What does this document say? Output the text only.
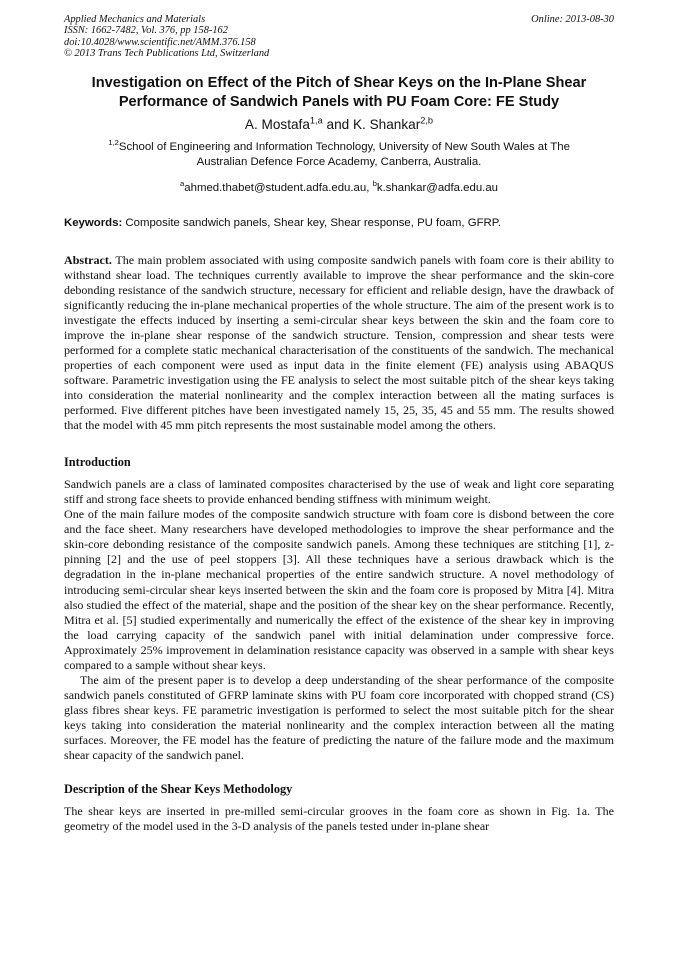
Applied Mechanics and Materials
ISSN: 1662-7482, Vol. 376, pp 158-162
doi:10.4028/www.scientific.net/AMM.376.158
© 2013 Trans Tech Publications Ltd, Switzerland
Online: 2013-08-30
Investigation on Effect of the Pitch of Shear Keys on the In-Plane Shear Performance of Sandwich Panels with PU Foam Core: FE Study
A. Mostafa$^{1,a}$ and K. Shankar$^{2,b}$
$^{1,2}$School of Engineering and Information Technology, University of New South Wales at The Australian Defence Force Academy, Canberra, Australia.
$^a$ahmed.thabet@student.adfa.edu.au, $^b$k.shankar@adfa.edu.au
Keywords: Composite sandwich panels, Shear key, Shear response, PU foam, GFRP.

Abstract. The main problem associated with using composite sandwich panels with foam core is their ability to withstand shear load. The techniques currently available to improve the shear performance and the skin-core debonding resistance of the sandwich structure, necessary for efficient and reliable design, have the drawback of significantly reducing the in-plane mechanical properties of the whole structure. The aim of the present work is to investigate the effects induced by inserting a semi-circular shear keys between the skin and the foam core to improve the in-plane shear response of the sandwich structure. Tension, compression and shear tests were performed for a complete static mechanical characterisation of the constituents of the sandwich. The mechanical properties of each component were used as input data in the finite element (FE) analysis using ABAQUS software. Parametric investigation using the FE analysis to select the most suitable pitch of the shear keys taking into consideration the material nonlinearity and the complex interaction between all the mating surfaces is performed. Five different pitches have been investigated namely 15, 25, 35, 45 and 55 mm. The results showed that the model with 45 mm pitch represents the most sustainable model among the others.

Introduction

Sandwich panels are a class of laminated composites characterised by the use of weak and light core separating stiff and strong face sheets to provide enhanced bending stiffness with minimum weight.

One of the main failure modes of the composite sandwich structure with foam core is disbond between the core and the face sheet. Many researchers have developed methodologies to improve the shear performance and the skin-core debonding resistance of the composite sandwich panels. Among these techniques are stitching [1], z-pinning [2] and the use of peel stoppers [3]. All these techniques have a serious drawback which is the degradation in the in-plane mechanical properties of the entire sandwich structure. A novel methodology of introducing semi-circular shear keys inserted between the skin and the foam core is proposed by Mitra [4]. Mitra also studied the effect of the material, shape and the position of the shear key on the shear performance. Recently, Mitra et al. [5] studied experimentally and numerically the effect of the existence of the shear key in improving the load carrying capacity of the sandwich panel with initial delamination under compressive force. Approximately 25% improvement in delamination resistance capacity was observed in a sample with shear keys compared to a sample without shear keys.

The aim of the present paper is to develop a deep understanding of the shear performance of the composite sandwich panels constituted of GFRP laminate skins with PU foam core incorporated with chopped strand (CS) glass fibres shear keys. FE parametric investigation is performed to select the most suitable pitch for the shear keys taking into consideration the material nonlinearity and the complex interaction between all the mating surfaces. Moreover, the FE model has the feature of predicting the nature of the failure mode and the maximum shear capacity of the sandwich panel.

Description of the Shear Keys Methodology

The shear keys are inserted in pre-milled semi-circular grooves in the foam core as shown in Fig. 1a. The geometry of the model used in the 3-D analysis of the panels tested under in-plane shear
